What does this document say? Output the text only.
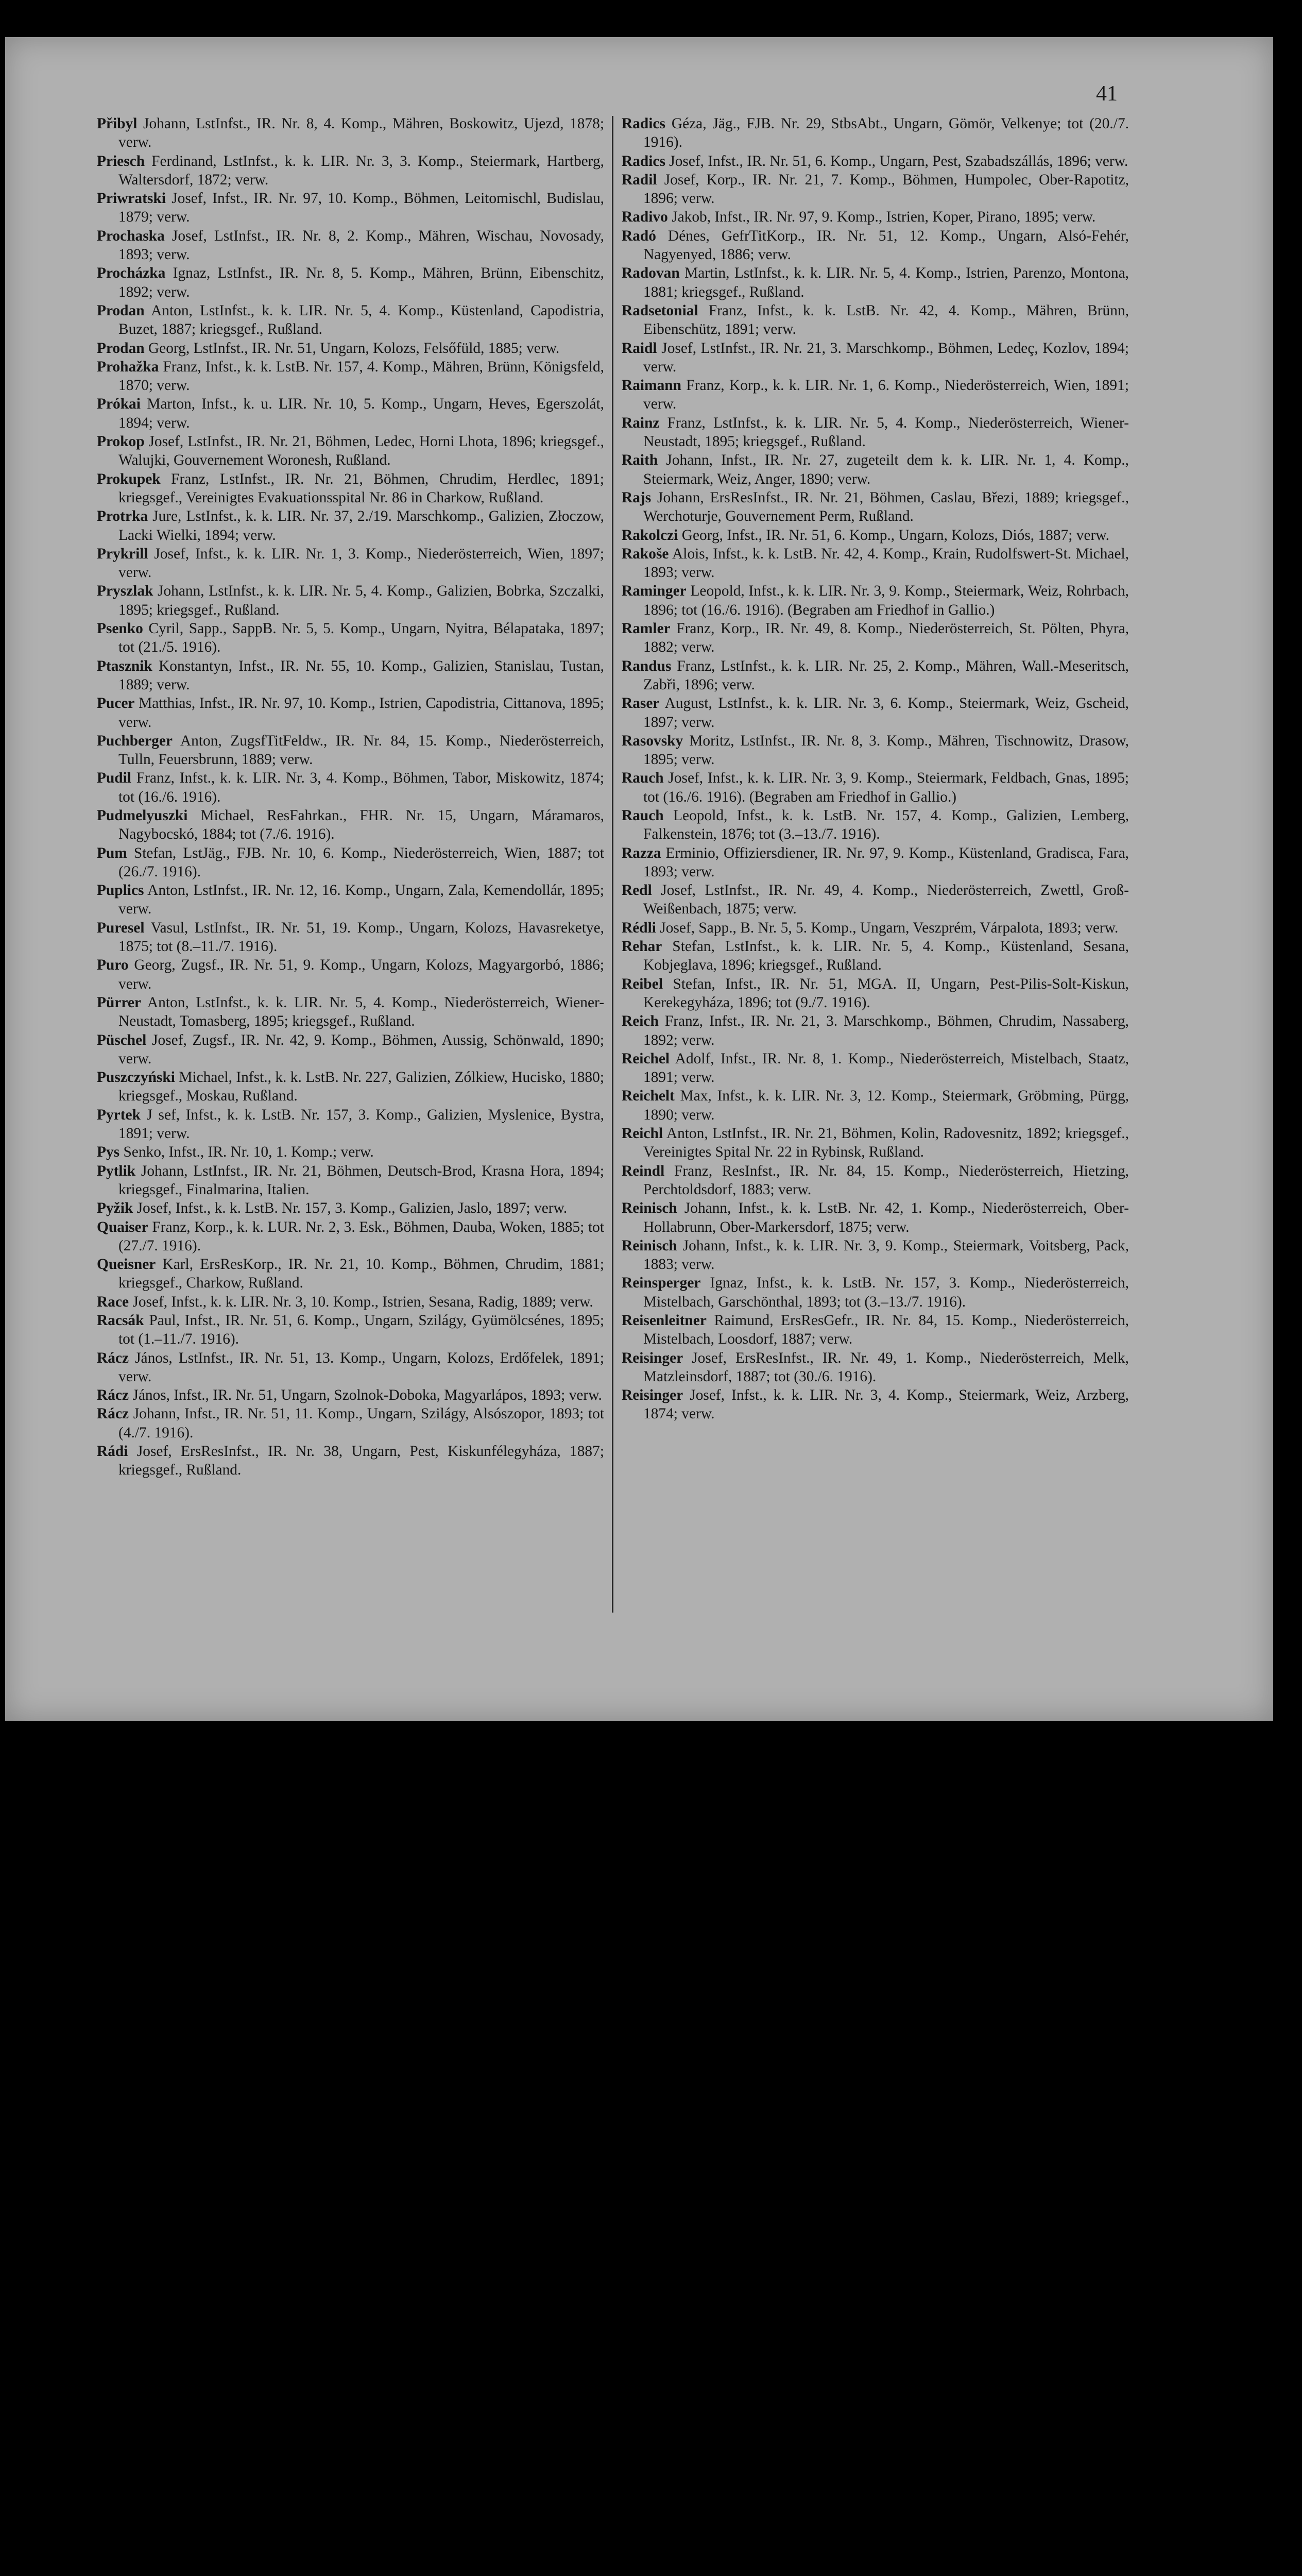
41

Přibyl Johann, LstInfst., IR. Nr. 8, 4. Komp., Mähren, Boskowitz, Ujezd, 1878; verw.

Priesch Ferdinand, LstInfst., k. k. LIR. Nr. 3, 3. Komp., Steiermark, Hartberg, Waltersdorf, 1872; verw.

Priwratski Josef, Infst., IR. Nr. 97, 10. Komp., Böhmen, Leitomischl, Budislau, 1879; verw.

Prochaska Josef, LstInfst., IR. Nr. 8, 2. Komp., Mähren, Wischau, Novosady, 1893; verw.

Procházka Ignaz, LstInfst., IR. Nr. 8, 5. Komp., Mähren, Brünn, Eibenschitz, 1892; verw.

Prodan Anton, LstInfst., k. k. LIR. Nr. 5, 4. Komp., Küstenland, Capodistria, Buzet, 1887; kriegsgef., Rußland.

Prodan Georg, LstInfst., IR. Nr. 51, Ungarn, Kolozs, Felsőfüld, 1885; verw.

Prohažka Franz, Infst., k. k. LstB. Nr. 157, 4. Komp., Mähren, Brünn, Königsfeld, 1870; verw.

Prókai Marton, Infst., k. u. LIR. Nr. 10, 5. Komp., Ungarn, Heves, Egerszolát, 1894; verw.

Prokop Josef, LstInfst., IR. Nr. 21, Böhmen, Ledec, Horni Lhota, 1896; kriegsgef., Walujki, Gouvernement Woronesh, Rußland.

Prokupek Franz, LstInfst., IR. Nr. 21, Böhmen, Chrudim, Herdlec, 1891; kriegsgef., Vereinigtes Evakuationsspital Nr. 86 in Charkow, Rußland.

Protrka Jure, LstInfst., k. k. LIR. Nr. 37, 2./19. Marschkomp., Galizien, Złoczow, Lacki Wielki, 1894; verw.

Prykrill Josef, Infst., k. k. LIR. Nr. 1, 3. Komp., Niederösterreich, Wien, 1897; verw.

Pryszlak Johann, LstInfst., k. k. LIR. Nr. 5, 4. Komp., Galizien, Bobrka, Szczalki, 1895; kriegsgef., Rußland.

Psenko Cyril, Sapp., SappB. Nr. 5, 5. Komp., Ungarn, Nyitra, Bélapataka, 1897; tot (21./5. 1916).

Ptasznik Konstantyn, Infst., IR. Nr. 55, 10. Komp., Galizien, Stanislau, Tustan, 1889; verw.

Pucer Matthias, Infst., IR. Nr. 97, 10. Komp., Istrien, Capodistria, Cittanova, 1895; verw.

Puchberger Anton, ZugsfTitFeldw., IR. Nr. 84, 15. Komp., Niederösterreich, Tulln, Feuersbrunn, 1889; verw.

Pudil Franz, Infst., k. k. LIR. Nr. 3, 4. Komp., Böhmen, Tabor, Miskowitz, 1874; tot (16./6. 1916).

Pudmelyuszki Michael, ResFahrkan., FHR. Nr. 15, Ungarn, Máramaros, Nagybocskó, 1884; tot (7./6. 1916).

Pum Stefan, LstJäg., FJB. Nr. 10, 6. Komp., Niederösterreich, Wien, 1887; tot (26./7. 1916).

Puplics Anton, LstInfst., IR. Nr. 12, 16. Komp., Ungarn, Zala, Kemendollár, 1895; verw.

Puresel Vasul, LstInfst., IR. Nr. 51, 19. Komp., Ungarn, Kolozs, Havasreketye, 1875; tot (8.–11./7. 1916).

Puro Georg, Zugsf., IR. Nr. 51, 9. Komp., Ungarn, Kolozs, Magyargorbó, 1886; verw.

Pürrer Anton, LstInfst., k. k. LIR. Nr. 5, 4. Komp., Niederösterreich, Wiener-Neustadt, Tomasberg, 1895; kriegsgef., Rußland.

Püschel Josef, Zugsf., IR. Nr. 42, 9. Komp., Böhmen, Aussig, Schönwald, 1890; verw.

Puszczyński Michael, Infst., k. k. LstB. Nr. 227, Galizien, Zólkiew, Hucisko, 1880; kriegsgef., Moskau, Rußland.

Pyrtek J sef, Infst., k. k. LstB. Nr. 157, 3. Komp., Galizien, Myslenice, Bystra, 1891; verw.

Pys Senko, Infst., IR. Nr. 10, 1. Komp.; verw.

Pytlik Johann, LstInfst., IR. Nr. 21, Böhmen, Deutsch-Brod, Krasna Hora, 1894; kriegsgef., Finalmarina, Italien.

Pyžik Josef, Infst., k. k. LstB. Nr. 157, 3. Komp., Galizien, Jaslo, 1897; verw.

Quaiser Franz, Korp., k. k. LUR. Nr. 2, 3. Esk., Böhmen, Dauba, Woken, 1885; tot (27./7. 1916).

Queisner Karl, ErsResKorp., IR. Nr. 21, 10. Komp., Böhmen, Chrudim, 1881; kriegsgef., Charkow, Rußland.

Race Josef, Infst., k. k. LIR. Nr. 3, 10. Komp., Istrien, Sesana, Radig, 1889; verw.

Racsák Paul, Infst., IR. Nr. 51, 6. Komp., Ungarn, Szilágy, Gyümölcsénes, 1895; tot (1.–11./7. 1916).

Rácz János, LstInfst., IR. Nr. 51, 13. Komp., Ungarn, Kolozs, Erdőfelek, 1891; verw.

Rácz János, Infst., IR. Nr. 51, Ungarn, Szolnok-Doboka, Magyarlápos, 1893; verw.

Rácz Johann, Infst., IR. Nr. 51, 11. Komp., Ungarn, Szilágy, Alsószopor, 1893; tot (4./7. 1916).

Rádi Josef, ErsResInfst., IR. Nr. 38, Ungarn, Pest, Kiskunfélegyháza, 1887; kriegsgef., Rußland.

Radics Géza, Jäg., FJB. Nr. 29, StbsAbt., Ungarn, Gömör, Velkenye; tot (20./7. 1916).

Radics Josef, Infst., IR. Nr. 51, 6. Komp., Ungarn, Pest, Szabadszállás, 1896; verw.

Radil Josef, Korp., IR. Nr. 21, 7. Komp., Böhmen, Humpolec, Ober-Rapotitz, 1896; verw.

Radivo Jakob, Infst., IR. Nr. 97, 9. Komp., Istrien, Koper, Pirano, 1895; verw.

Radó Dénes, GefrTitKorp., IR. Nr. 51, 12. Komp., Ungarn, Alsó-Fehér, Nagyenyed, 1886; verw.

Radovan Martin, LstInfst., k. k. LIR. Nr. 5, 4. Komp., Istrien, Parenzo, Montona, 1881; kriegsgef., Rußland.

Radsetonial Franz, Infst., k. k. LstB. Nr. 42, 4. Komp., Mähren, Brünn, Eibenschütz, 1891; verw.

Raidl Josef, LstInfst., IR. Nr. 21, 3. Marschkomp., Böhmen, Ledeç, Kozlov, 1894; verw.

Raimann Franz, Korp., k. k. LIR. Nr. 1, 6. Komp., Niederösterreich, Wien, 1891; verw.

Rainz Franz, LstInfst., k. k. LIR. Nr. 5, 4. Komp., Niederösterreich, Wiener-Neustadt, 1895; kriegsgef., Rußland.

Raith Johann, Infst., IR. Nr. 27, zugeteilt dem k. k. LIR. Nr. 1, 4. Komp., Steiermark, Weiz, Anger, 1890; verw.

Rajs Johann, ErsResInfst., IR. Nr. 21, Böhmen, Caslau, Březi, 1889; kriegsgef., Werchoturje, Gouvernement Perm, Rußland.

Rakolczi Georg, Infst., IR. Nr. 51, 6. Komp., Ungarn, Kolozs, Diós, 1887; verw.

Rakoše Alois, Infst., k. k. LstB. Nr. 42, 4. Komp., Krain, Rudolfswert-St. Michael, 1893; verw.

Raminger Leopold, Infst., k. k. LIR. Nr. 3, 9. Komp., Steiermark, Weiz, Rohrbach, 1896; tot (16./6. 1916). (Begraben am Friedhof in Gallio.)

Ramler Franz, Korp., IR. Nr. 49, 8. Komp., Niederösterreich, St. Pölten, Phyra, 1882; verw.

Randus Franz, LstInfst., k. k. LIR. Nr. 25, 2. Komp., Mähren, Wall.-Meseritsch, Zabři, 1896; verw.

Raser August, LstInfst., k. k. LIR. Nr. 3, 6. Komp., Steiermark, Weiz, Gscheid, 1897; verw.

Rasovsky Moritz, LstInfst., IR. Nr. 8, 3. Komp., Mähren, Tischnowitz, Drasow, 1895; verw.

Rauch Josef, Infst., k. k. LIR. Nr. 3, 9. Komp., Steiermark, Feldbach, Gnas, 1895; tot (16./6. 1916). (Begraben am Friedhof in Gallio.)

Rauch Leopold, Infst., k. k. LstB. Nr. 157, 4. Komp., Galizien, Lemberg, Falkenstein, 1876; tot (3.–13./7. 1916).

Razza Erminio, Offiziersdiener, IR. Nr. 97, 9. Komp., Küstenland, Gradisca, Fara, 1893; verw.

Redl Josef, LstInfst., IR. Nr. 49, 4. Komp., Niederösterreich, Zwettl, Groß-Weißenbach, 1875; verw.

Rédli Josef, Sapp., B. Nr. 5, 5. Komp., Ungarn, Veszprém, Várpalota, 1893; verw.

Rehar Stefan, LstInfst., k. k. LIR. Nr. 5, 4. Komp., Küstenland, Sesana, Kobjeglava, 1896; kriegsgef., Rußland.

Reibel Stefan, Infst., IR. Nr. 51, MGA. II, Ungarn, Pest-Pilis-Solt-Kiskun, Kerekegyháza, 1896; tot (9./7. 1916).

Reich Franz, Infst., IR. Nr. 21, 3. Marschkomp., Böhmen, Chrudim, Nassaberg, 1892; verw.

Reichel Adolf, Infst., IR. Nr. 8, 1. Komp., Niederösterreich, Mistelbach, Staatz, 1891; verw.

Reichelt Max, Infst., k. k. LIR. Nr. 3, 12. Komp., Steiermark, Gröbming, Pürgg, 1890; verw.

Reichl Anton, LstInfst., IR. Nr. 21, Böhmen, Kolin, Radovesnitz, 1892; kriegsgef., Vereinigtes Spital Nr. 22 in Rybinsk, Rußland.

Reindl Franz, ResInfst., IR. Nr. 84, 15. Komp., Niederösterreich, Hietzing, Perchtoldsdorf, 1883; verw.

Reinisch Johann, Infst., k. k. LstB. Nr. 42, 1. Komp., Niederösterreich, Ober-Hollabrunn, Ober-Markersdorf, 1875; verw.

Reinisch Johann, Infst., k. k. LIR. Nr. 3, 9. Komp., Steiermark, Voitsberg, Pack, 1883; verw.

Reinsperger Ignaz, Infst., k. k. LstB. Nr. 157, 3. Komp., Niederösterreich, Mistelbach, Garschönthal, 1893; tot (3.–13./7. 1916).

Reisenleitner Raimund, ErsResGefr., IR. Nr. 84, 15. Komp., Niederösterreich, Mistelbach, Loosdorf, 1887; verw.

Reisinger Josef, ErsResInfst., IR. Nr. 49, 1. Komp., Niederösterreich, Melk, Matzleinsdorf, 1887; tot (30./6. 1916).

Reisinger Josef, Infst., k. k. LIR. Nr. 3, 4. Komp., Steiermark, Weiz, Arzberg, 1874; verw.
